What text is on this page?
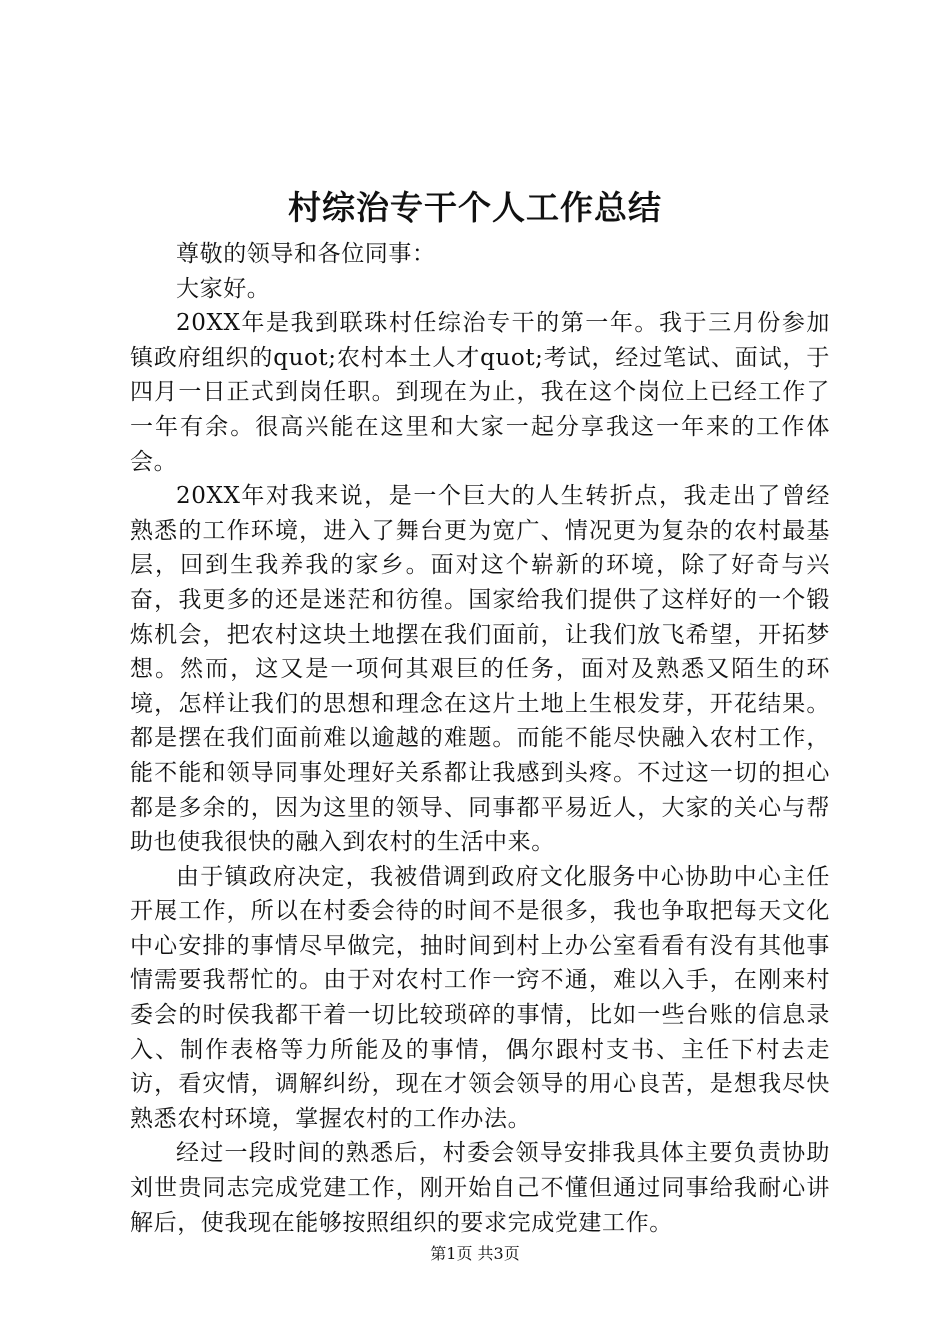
村综治专干个人工作总结

尊敬的领导和各位同事：

大家好。

20XX年是我到联珠村任综治专干的第一年。我于三月份参加镇政府组织的quot;农村本土人才quot;考试，经过笔试、面试，于四月一日正式到岗任职。到现在为止，我在这个岗位上已经工作了一年有余。很高兴能在这里和大家一起分享我这一年来的工作体会。

20XX年对我来说，是一个巨大的人生转折点，我走出了曾经熟悉的工作环境，进入了舞台更为宽广、情况更为复杂的农村最基层，回到生我养我的家乡。面对这个崭新的环境，除了好奇与兴奋，我更多的还是迷茫和彷徨。国家给我们提供了这样好的一个锻炼机会，把农村这块土地摆在我们面前，让我们放飞希望，开拓梦想。然而，这又是一项何其艰巨的任务，面对及熟悉又陌生的环境，怎样让我们的思想和理念在这片土地上生根发芽，开花结果。都是摆在我们面前难以逾越的难题。而能不能尽快融入农村工作，能不能和领导同事处理好关系都让我感到头疼。不过这一切的担心都是多余的，因为这里的领导、同事都平易近人，大家的关心与帮助也使我很快的融入到农村的生活中来。

由于镇政府决定，我被借调到政府文化服务中心协助中心主任开展工作，所以在村委会待的时间不是很多，我也争取把每天文化中心安排的事情尽早做完，抽时间到村上办公室看看有没有其他事情需要我帮忙的。由于对农村工作一窍不通，难以入手，在刚来村委会的时侯我都干着一切比较琐碎的事情，比如一些台账的信息录入、制作表格等力所能及的事情，偶尔跟村支书、主任下村去走访，看灾情，调解纠纷，现在才领会领导的用心良苦，是想我尽快熟悉农村环境，掌握农村的工作办法。

经过一段时间的熟悉后，村委会领导安排我具体主要负责协助刘世贵同志完成党建工作，刚开始自己不懂但通过同事给我耐心讲解后，使我现在能够按照组织的要求完成党建工作。

第1页 共3页
